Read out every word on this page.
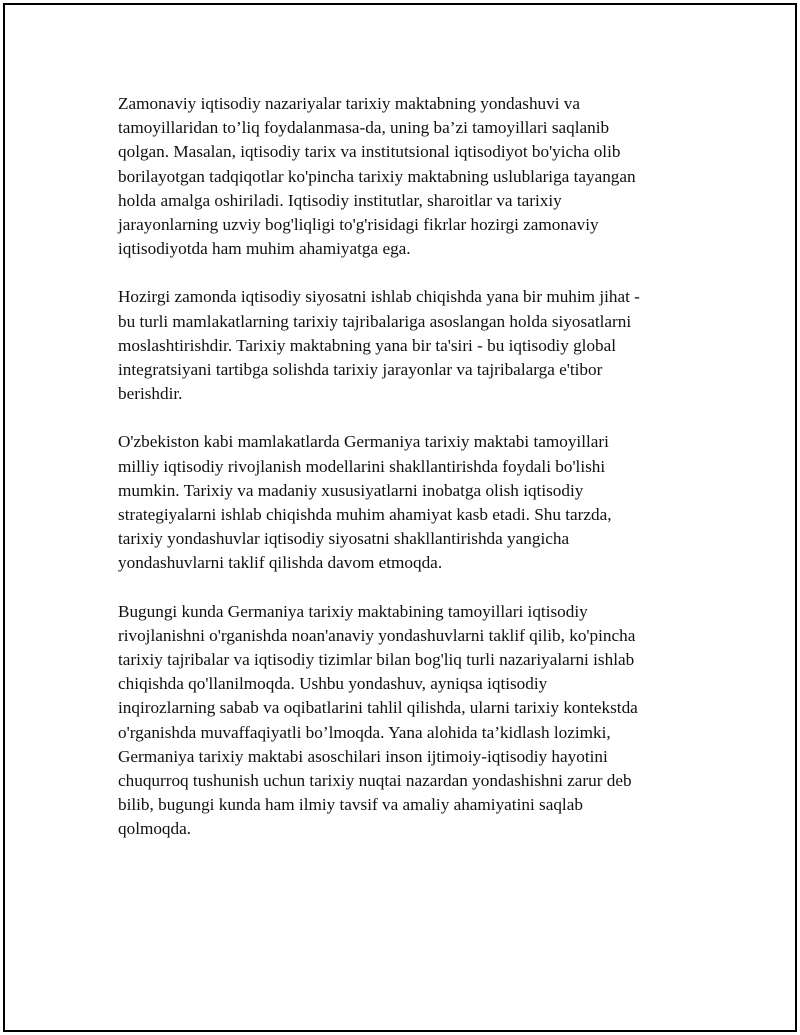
Zamonaviy iqtisodiy nazariyalar tarixiy maktabning yondashuvi va
tamoyillaridan to’liq foydalanmasa-da, uning ba’zi tamoyillari saqlanib
qolgan. Masalan, iqtisodiy tarix va institutsional iqtisodiyot bo'yicha olib
borilayotgan tadqiqotlar ko'pincha tarixiy maktabning uslublariga tayangan
holda amalga oshiriladi. Iqtisodiy institutlar, sharoitlar va tarixiy
jarayonlarning uzviy bog'liqligi to'g'risidagi fikrlar hozirgi zamonaviy
iqtisodiyotda ham muhim ahamiyatga ega.

Hozirgi zamonda iqtisodiy siyosatni ishlab chiqishda yana bir muhim jihat -
bu turli mamlakatlarning tarixiy tajribalariga asoslangan holda siyosatlarni
moslashtirishdir. Tarixiy maktabning yana bir ta'siri - bu iqtisodiy global
integratsiyani tartibga solishda tarixiy jarayonlar va tajribalarga e'tibor
berishdir.

O'zbekiston kabi mamlakatlarda Germaniya tarixiy maktabi tamoyillari
milliy iqtisodiy rivojlanish modellarini shakllantirishda foydali bo'lishi
mumkin. Tarixiy va madaniy xususiyatlarni inobatga olish iqtisodiy
strategiyalarni ishlab chiqishda muhim ahamiyat kasb etadi. Shu tarzda,
tarixiy yondashuvlar iqtisodiy siyosatni shakllantirishda yangicha
yondashuvlarni taklif qilishda davom etmoqda.

Bugungi kunda Germaniya tarixiy maktabining tamoyillari iqtisodiy
rivojlanishni o'rganishda noan'anaviy yondashuvlarni taklif qilib, ko'pincha
tarixiy tajribalar va iqtisodiy tizimlar bilan bog'liq turli nazariyalarni ishlab
chiqishda qo'llanilmoqda. Ushbu yondashuv, ayniqsa iqtisodiy
inqirozlarning sabab va oqibatlarini tahlil qilishda, ularni tarixiy kontekstda
o'rganishda muvaffaqiyatli bo’lmoqda. Yana alohida ta’kidlash lozimki,
Germaniya tarixiy maktabi asoschilari inson ijtimoiy-iqtisodiy hayotini
chuqurroq tushunish uchun tarixiy nuqtai nazardan yondashishni zarur deb
bilib, bugungi kunda ham ilmiy tavsif va amaliy ahamiyatini saqlab
qolmoqda.
